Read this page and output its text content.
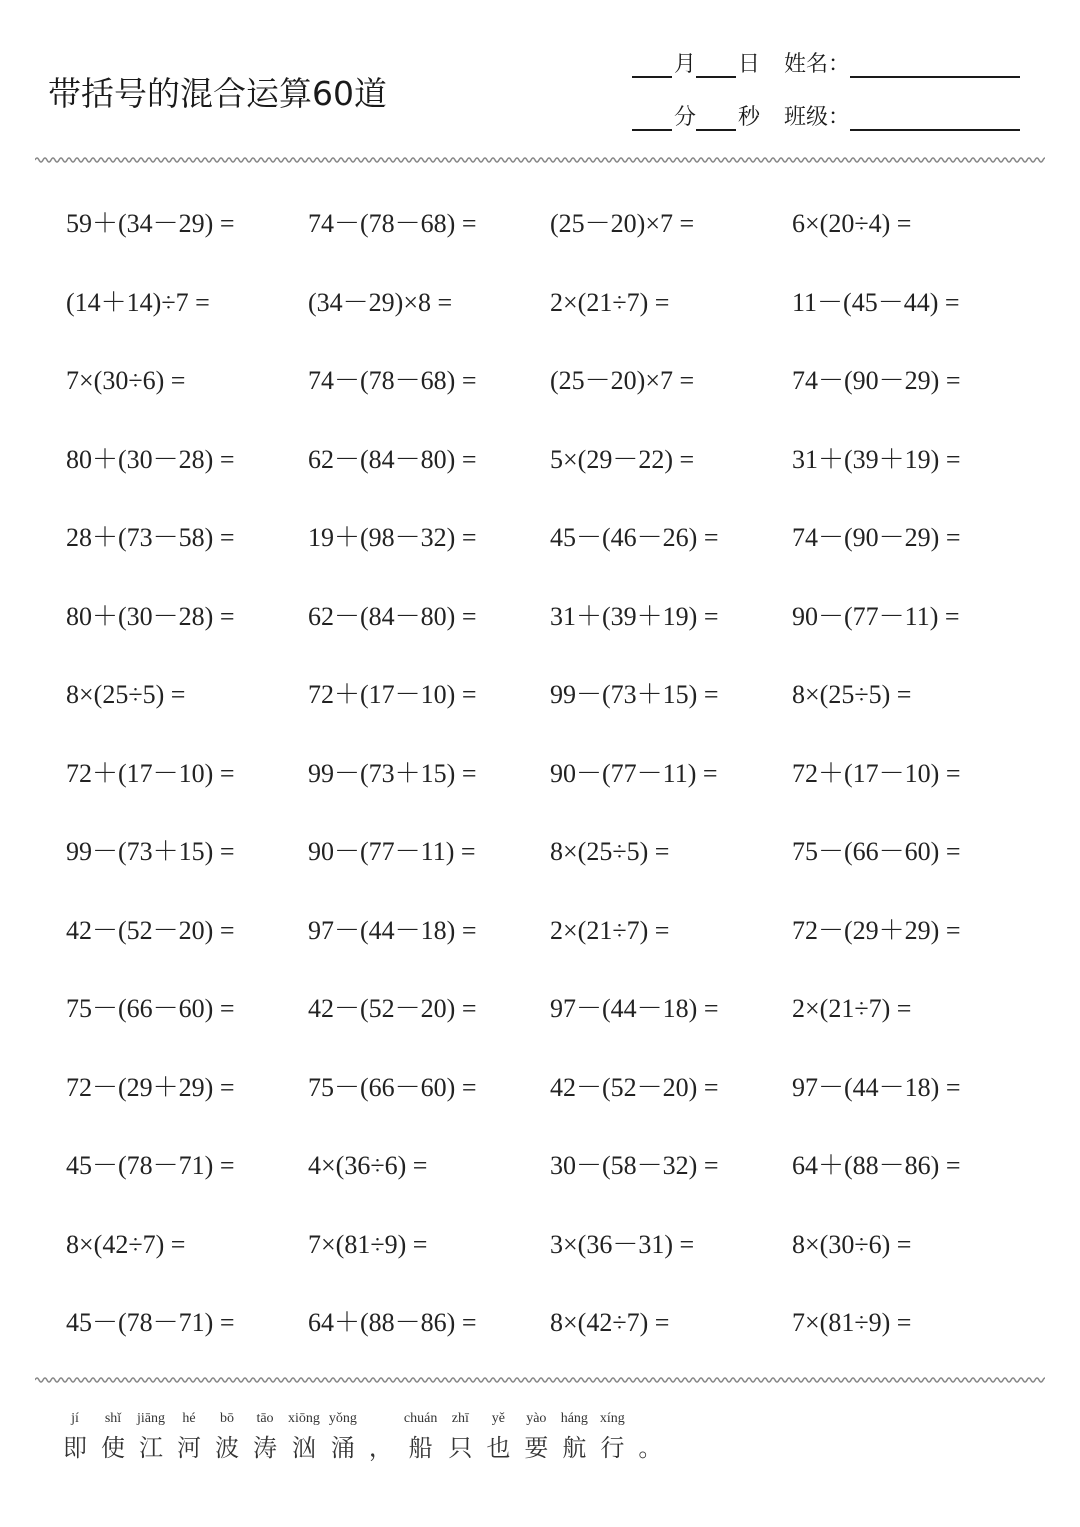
带括号的混合运算60道
月 日 姓名：
分 秒 班级：
59＋(34－29) =	74－(78－68) =	(25－20)×7 =	6×(20÷4) =
(14＋14)÷7 =	(34－29)×8 =	2×(21÷7) =	11－(45－44) =
7×(30÷6) =	74－(78－68) =	(25－20)×7 =	74－(90－29) =
80＋(30－28) =	62－(84－80) =	5×(29－22) =	31＋(39＋19) =
28＋(73－58) =	19＋(98－32) =	45－(46－26) =	74－(90－29) =
80＋(30－28) =	62－(84－80) =	31＋(39＋19) =	90－(77－11) =
8×(25÷5) =	72＋(17－10) =	99－(73＋15) =	8×(25÷5) =
72＋(17－10) =	99－(73＋15) =	90－(77－11) =	72＋(17－10) =
99－(73＋15) =	90－(77－11) =	8×(25÷5) =	75－(66－60) =
42－(52－20) =	97－(44－18) =	2×(21÷7) =	72－(29＋29) =
75－(66－60) =	42－(52－20) =	97－(44－18) =	2×(21÷7) =
72－(29＋29) =	75－(66－60) =	42－(52－20) =	97－(44－18) =
45－(78－71) =	4×(36÷6) =	30－(58－32) =	64＋(88－86) =
8×(42÷7) =	7×(81÷9) =	3×(36－31) =	8×(30÷6) =
45－(78－71) =	64＋(88－86) =	8×(42÷7) =	7×(81÷9) =
jí
即
shǐ
使
jiāng
江
hé
河
bō
波
tāo
涛
xiōng
汹
yǒng
涌 ，
chuán
船
zhī
只
yě
也
yào
要
háng
航
xíng
行 。
